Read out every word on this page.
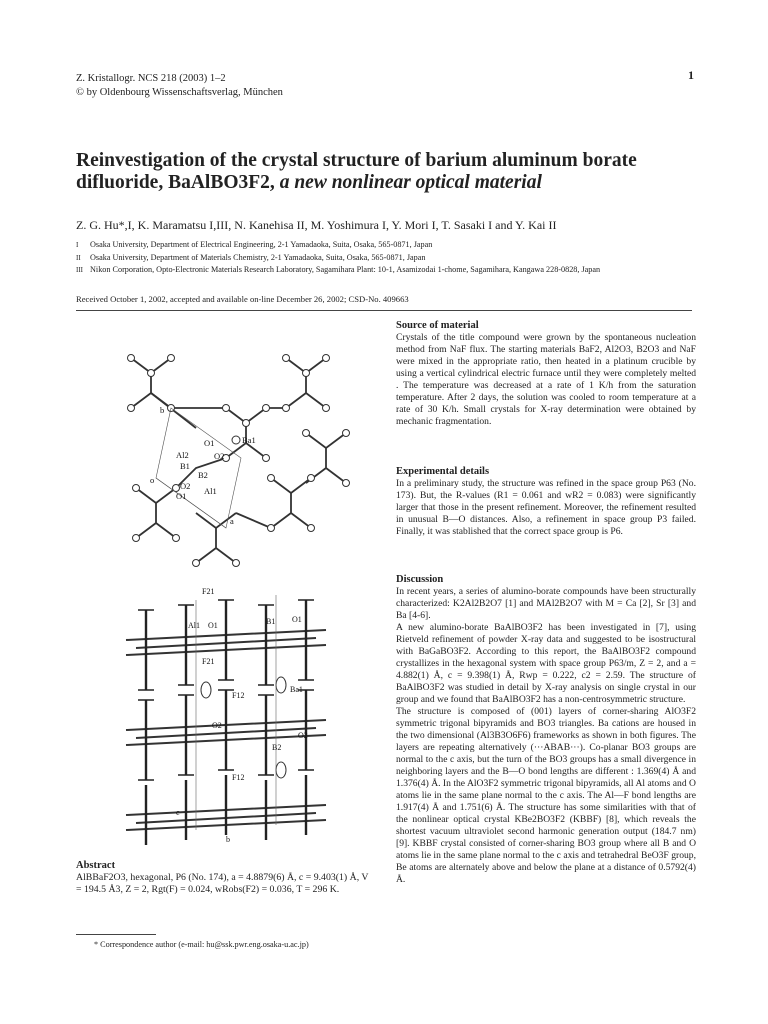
Z. Kristallogr. NCS 218 (2003) 1–2
© by Oldenbourg Wissenschaftsverlag, München
1
Reinvestigation of the crystal structure of barium aluminum borate
difluoride, BaAlBO3F2, a new nonlinear optical material
Z. G. Hu*,I, K. Maramatsu I,III, N. Kanehisa II, M. Yoshimura I, Y. Mori I, T. Sasaki I and Y. Kai II
I Osaka University, Department of Electrical Engineering, 2-1 Yamadaoka, Suita, Osaka, 565-0871, Japan
II Osaka University, Department of Materials Chemistry, 2-1 Yamadaoka, Suita, Osaka, 565-0871, Japan
III Nikon Corporation, Opto-Electronic Materials Research Laboratory, Sagamihara Plant: 10-1, Asamizodai 1-chome, Sagamihara, Kangawa 228-0828, Japan
Received October 1, 2002, accepted and available on-line December 26, 2002; CSD-No. 409663
b
Al2
O1	Ba1
B1
O2
B2
O2
o
O1 Al1
a
F21
Al1 O1	B1 O1
F21
F12
Ba1
O2
O2
B2
F12
c
b
Source of material
Crystals of the title compound were grown by the spontaneous nucleation method from NaF flux. The starting materials BaF2, Al2O3, B2O3 and NaF were mixed in the appropriate ratio, then heated in a platinum crucible by using a vertical cylindrical electric furnace until they were completely melted . The temperature was decreased at a rate of 1 K/h from the saturation temperature. After 2 days, the solution was cooled to room temperature at a rate of 30 K/h. Small crystals for X-ray determination were obtained by mechanic fragmentation.
Experimental details
In a preliminary study, the structure was refined in the space group P63 (No. 173). But, the R-values (R1 = 0.061 and wR2 = 0.083) were significantly larger that those in the present refinement. Moreover, the refinement resulted in unusual B—O distances. Also, a refinement in space group P3 failed. Finally, it was stablished that the correct space group is P6.
Discussion
In recent years, a series of alumino-borate compounds have been structurally characterized: K2Al2B2O7 [1] and MAl2B2O7 with M = Ca [2], Sr [3] and Ba [4-6].
A new alumino-borate BaAlBO3F2 has been investigated in [7], using Rietveld refinement of powder X-ray data and suggested to be isostructural with BaGaBO3F2. According to this report, the BaAlBO3F2 compound crystallizes in the hexagonal system with space group P63/m, Z = 2, and a = 4.882(1) Å, c = 9.398(1) Å, Rwp = 0.222, c2 = 2.59. The structure of BaAlBO3F2 was studied in detail by X-ray analysis on single crystal in our group and we found that BaAlBO3F2 has a non-centrosymmetric structure.
The structure is composed of (001) layers of corner-sharing AlO3F2 symmetric trigonal bipyramids and BO3 triangles. Ba cations are housed in the two dimensional (Al3B3O6F6) frameworks as shown in both figures. The layers are repeating alternatively (···ABAB···). Co-planar BO3 groups are normal to the c axis, but the turn of the BO3 groups has a small divergence in neighboring layers and the B—O bond lengths are different : 1.369(4) Å and 1.376(4) Å. In the AlO3F2 symmetric trigonal bipyramids, all Al atoms and O atoms lie in the same plane normal to the c axis. The Al—F bond lengths are 1.917(4) Å and 1.751(6) Å. The structure has some similarities with that of the nonlinear optical crystal KBe2BO3F2 (KBBF) [8], which reveals the shortest vacuum ultraviolet second harmonic generation output (184.7 nm) [9]. KBBF crystal consisted of corner-sharing BO3 group where all B and O atoms lie in the same plane normal to the c axis and tetrahedral BeO3F group, Be atoms are alternately above and below the plane at a distance of 0.5792(4) Å.
Abstract
AlBBaF2O3, hexagonal, P6 (No. 174), a = 4.8879(6) Å, c = 9.403(1) Å, V = 194.5 Å3, Z = 2, Rgt(F) = 0.024, wRobs(F2) = 0.036, T = 296 K.
* Correspondence author (e-mail: hu@ssk.pwr.eng.osaka-u.ac.jp)
